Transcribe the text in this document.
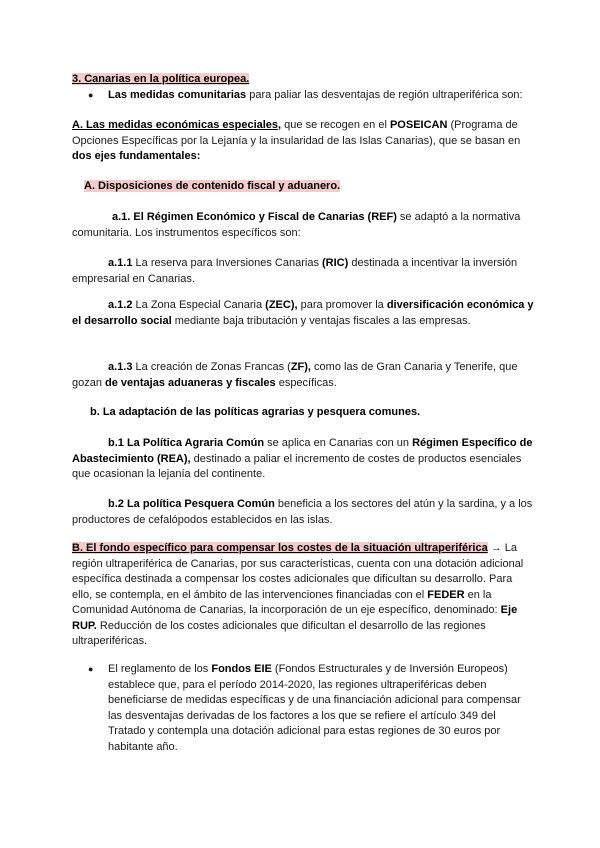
3. Canarias en la política europea.

● Las medidas comunitarias para paliar las desventajas de región ultraperiférica son:

A. Las medidas económicas especiales, que se recogen en el POSEICAN (Programa de Opciones Específicas por la Lejanía y la insularidad de las Islas Canarias), que se basan en dos ejes fundamentales:

A. Disposiciones de contenido fiscal y aduanero.

a.1. El Régimen Económico y Fiscal de Canarias (REF) se adaptó a la normativa comunitaria. Los instrumentos específicos son:

a.1.1 La reserva para Inversiones Canarias (RIC) destinada a incentivar la inversión empresarial en Canarias.

a.1.2 La Zona Especial Canaria (ZEC), para promover la diversificación económica y el desarrollo social mediante baja tributación y ventajas fiscales a las empresas.

a.1.3 La creación de Zonas Francas (ZF), como las de Gran Canaria y Tenerife, que gozan de ventajas aduaneras y fiscales específicas.

b. La adaptación de las políticas agrarias y pesquera comunes.

b.1 La Política Agraria Común se aplica en Canarias con un Régimen Específico de Abastecimiento (REA), destinado a paliar el incremento de costes de productos esenciales que ocasionan la lejanía del continente.

b.2 La política Pesquera Común beneficia a los sectores del atún y la sardina, y a los productores de cefalópodos establecidos en las islas.

B. El fondo específico para compensar los costes de la situación ultraperiférica → La región ultraperiférica de Canarias, por sus características, cuenta con una dotación adicional específica destinada a compensar los costes adicionales que dificultan su desarrollo. Para ello, se contempla, en el ámbito de las intervenciones financiadas con el FEDER en la Comunidad Autónoma de Canarias, la incorporación de un eje específico, denominado: Eje RUP. Reducción de los costes adicionales que dificultan el desarrollo de las regiones ultraperiféricas.

● El reglamento de los Fondos EIE (Fondos Estructurales y de Inversión Europeos) establece que, para el período 2014-2020, las regiones ultraperiféricas deben beneficiarse de medidas específicas y de una financiación adicional para compensar las desventajas derivadas de los factores a los que se refiere el artículo 349 del Tratado y contempla una dotación adicional para estas regiones de 30 euros por habitante año.
